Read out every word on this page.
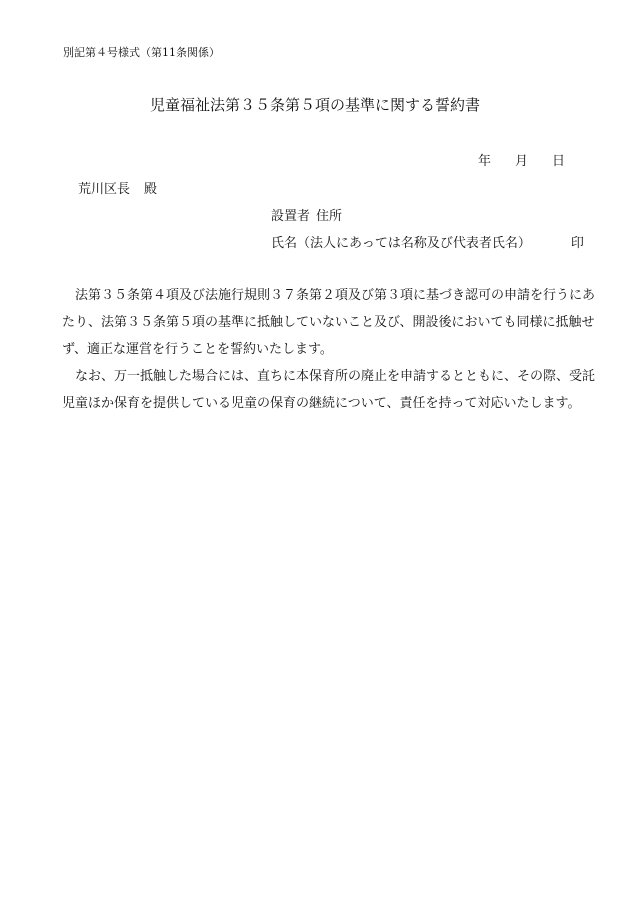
別記第４号様式（第11条関係）
児童福祉法第３５条第５項の基準に関する誓約書
年 月 日
荒川区長 殿
設置者 住所
氏名（法人にあっては名称及び代表者氏名）	印
法第３５条第４項及び法施行規則３７条第２項及び第３項に基づき認可の申請を行うにあ
たり、法第３５条第５項の基準に抵触していないこと及び、開設後においても同様に抵触せ
ず、適正な運営を行うことを誓約いたします。
なお、万一抵触した場合には、直ちに本保育所の廃止を申請するとともに、その際、受託
児童ほか保育を提供している児童の保育の継続について、責任を持って対応いたします。
